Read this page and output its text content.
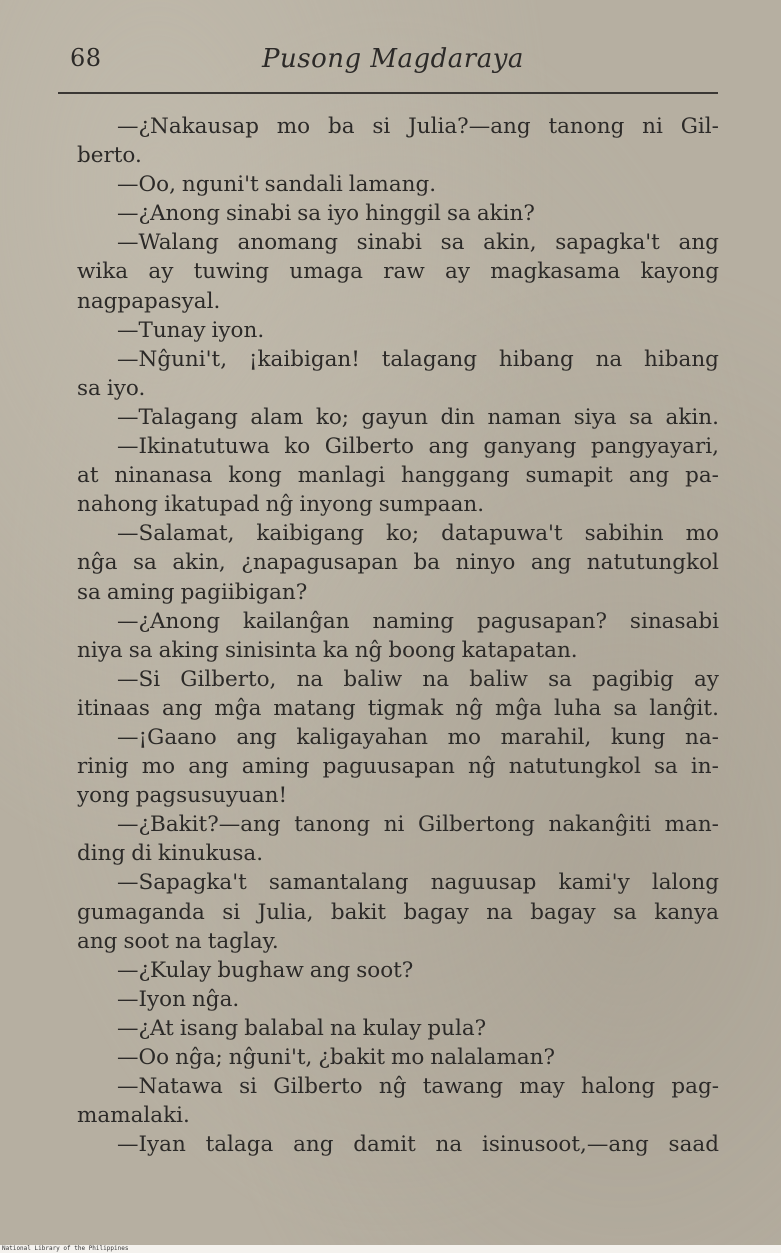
68	Pusong Magdaraya
—¿Nakausap mo ba si Julia?—ang tanong ni Gil-
berto.
—Oo, nguni't sandali lamang.
—¿Anong sinabi sa iyo hinggil sa akin?
—Walang anomang sinabi sa akin, sapagka't ang
wika ay tuwing umaga raw ay magkasama kayong
nagpapasyal.
—Tunay iyon.
—Nĝuni't, ¡kaibigan! talagang hibang na hibang
sa iyo.
—Talagang alam ko; gayun din naman siya sa akin.
—Ikinatutuwa ko Gilberto ang ganyang pangyayari,
at ninanasa kong manlagi hanggang sumapit ang pa-
nahong ikatupad nĝ inyong sumpaan.
—Salamat, kaibigang ko; datapuwa't sabihin mo
nĝa sa akin, ¿napagusapan ba ninyo ang natutungkol
sa aming pagiibigan?
—¿Anong kailanĝan naming pagusapan? sinasabi
niya sa aking sinisinta ka nĝ boong katapatan.
—Si Gilberto, na baliw na baliw sa pagibig ay
itinaas ang mĝa matang tigmak nĝ mĝa luha sa lanĝit.
—¡Gaano ang kaligayahan mo marahil, kung na-
rinig mo ang aming paguusapan nĝ natutungkol sa in-
yong pagsusuyuan!
—¿Bakit?—ang tanong ni Gilbertong nakanĝiti man-
ding di kinukusa.
—Sapagka't samantalang naguusap kami'y lalong
gumaganda si Julia, bakit bagay na bagay sa kanya
ang soot na taglay.
—¿Kulay bughaw ang soot?
—Iyon nĝa.
—¿At isang balabal na kulay pula?
—Oo nĝa; nĝuni't, ¿bakit mo nalalaman?
—Natawa si Gilberto nĝ tawang may halong pag-
mamalaki.
—Iyan talaga ang damit na isinusoot,—ang saad
National Library of the Philippines
